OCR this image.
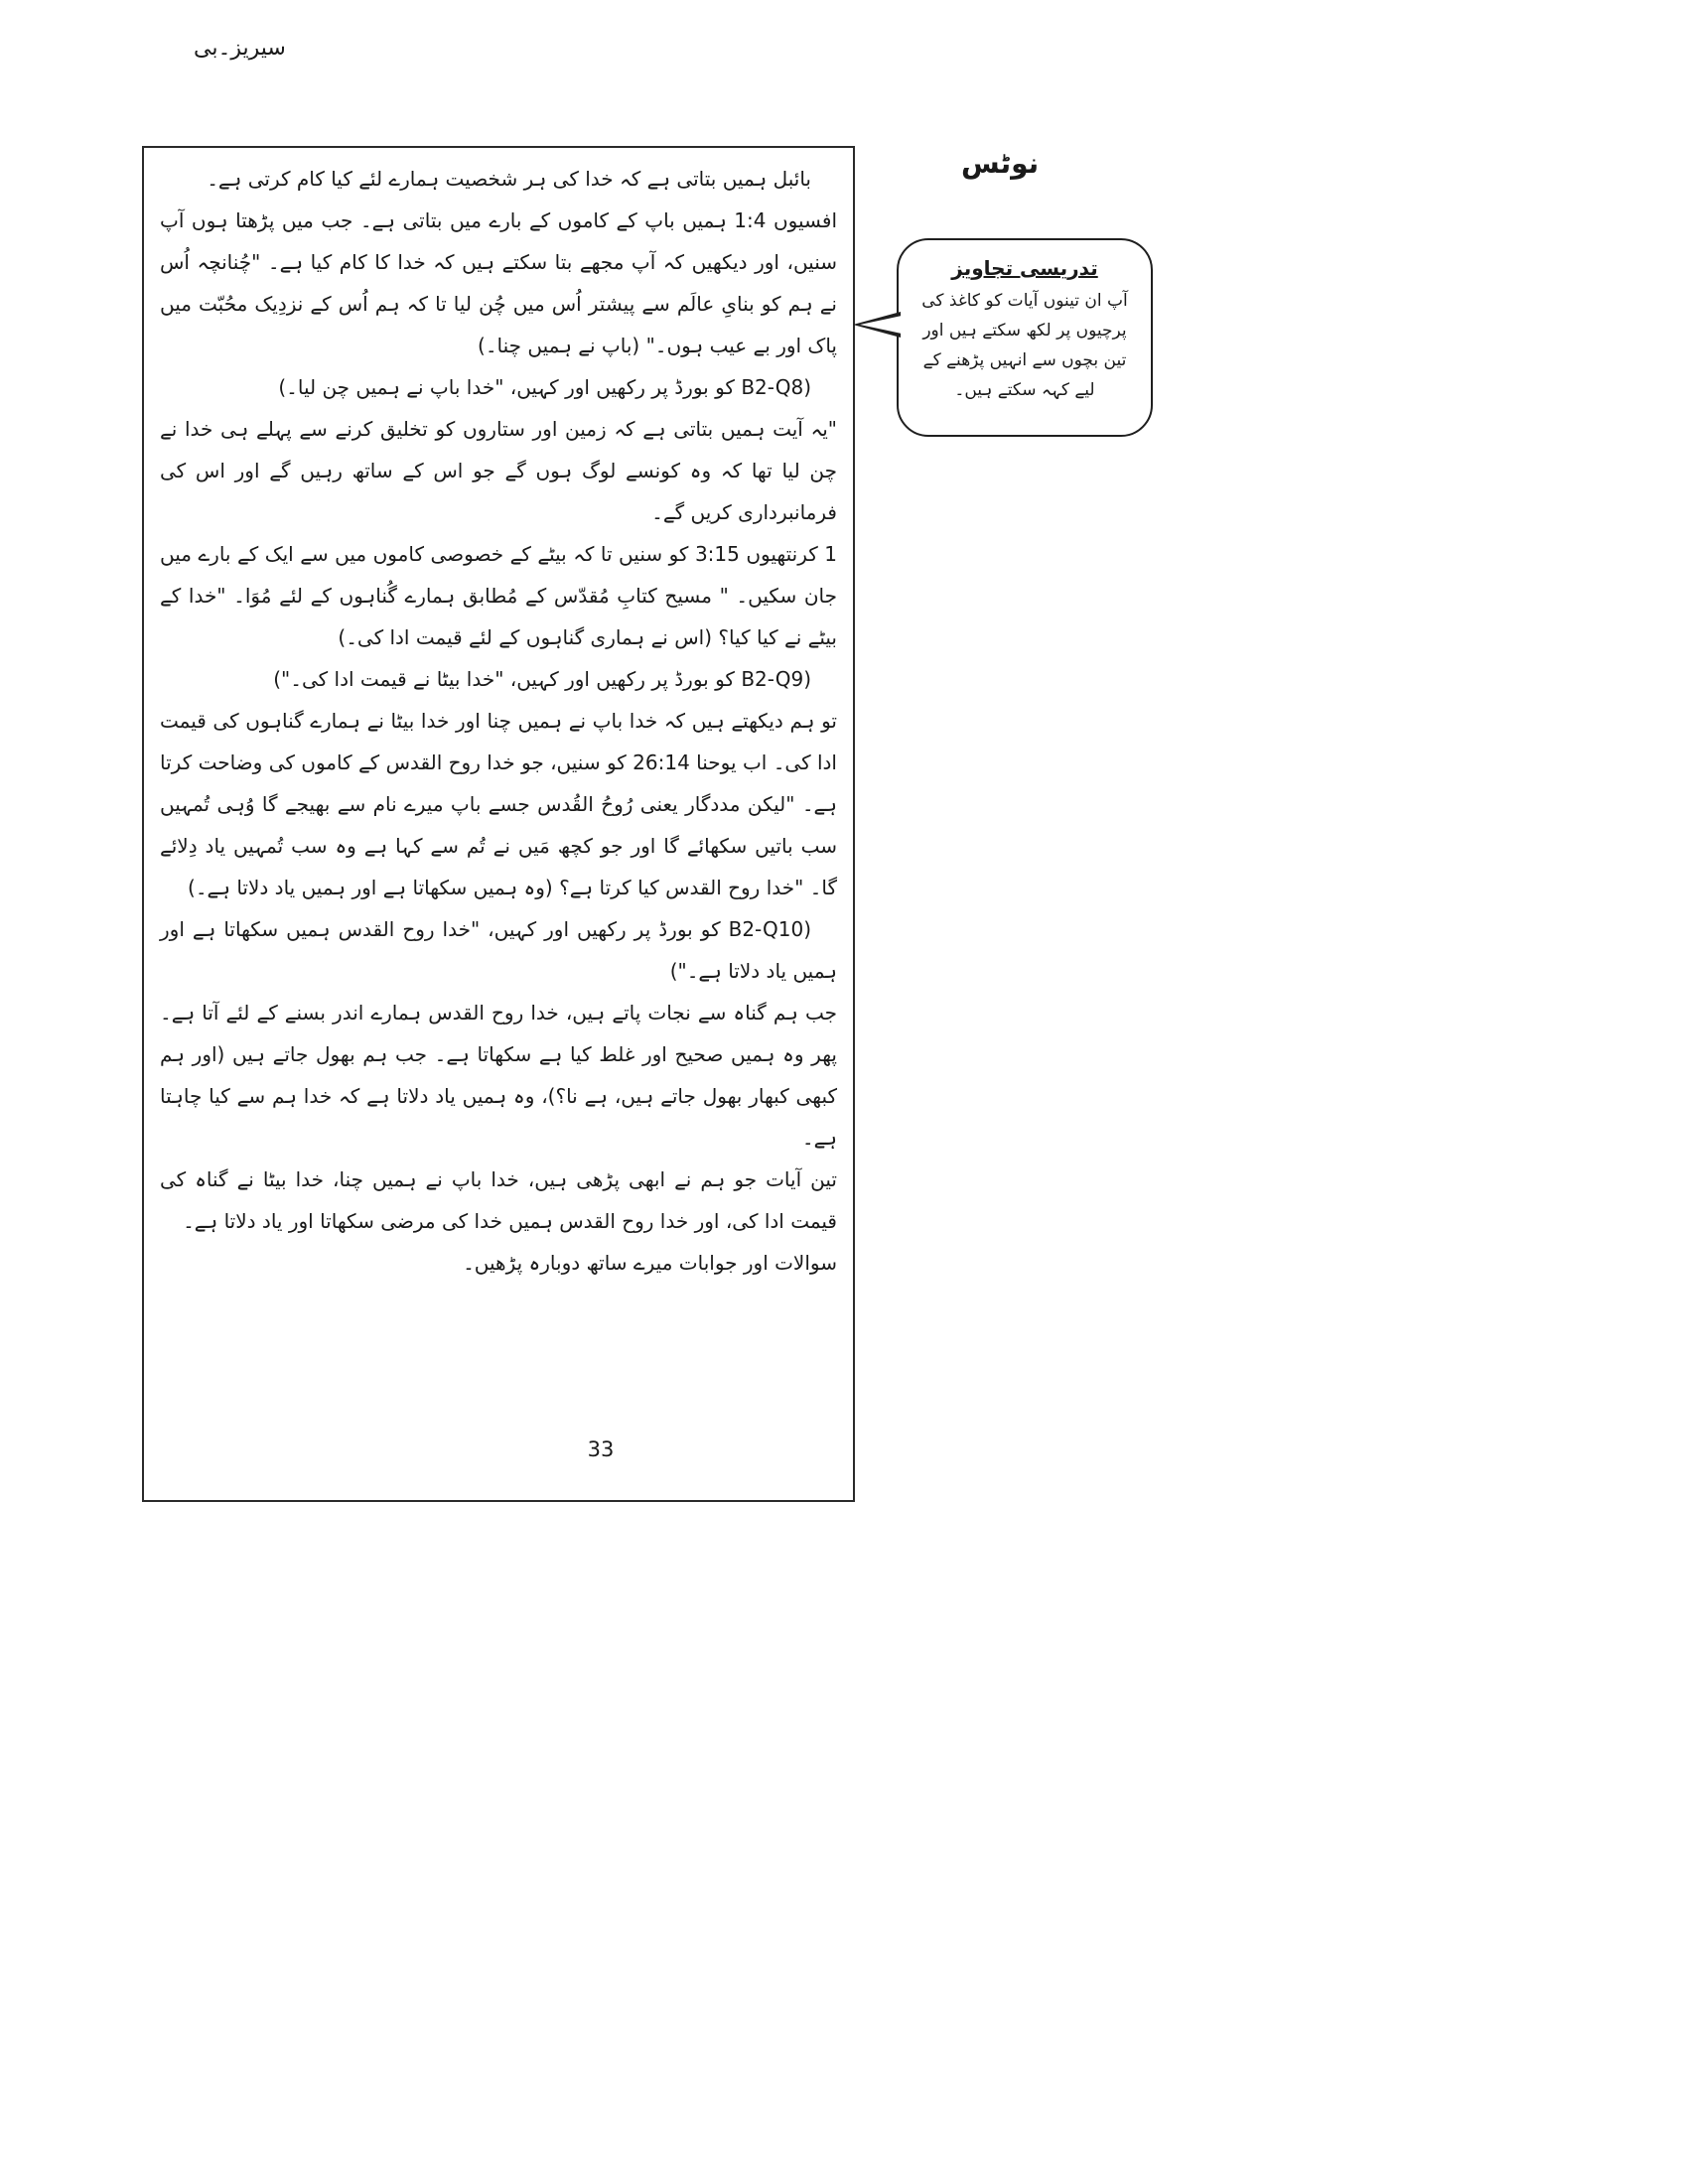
سیریز۔بی

بائبل ہمیں بتاتی ہے کہ خدا کی ہر شخصیت ہمارے لئے کیا کام کرتی ہے۔

افسیوں 1:4 ہمیں باپ کے کاموں کے بارے میں بتاتی ہے۔ جب میں پڑھتا ہوں آپ سنیں، اور دیکھیں کہ آپ مجھے بتا سکتے ہیں کہ خدا کا کام کیا ہے۔ "چُنانچہ اُس نے ہم کو بنایِ عالَم سے پیشتر اُس میں چُن لیا تا کہ ہم اُس کے نزدِیک محُبّت میں پاک اور بے عیب ہوں۔" (باپ نے ہمیں چنا۔)

(B2-Q8 کو بورڈ پر رکھیں اور کہیں، "خدا باپ نے ہمیں چن لیا۔)

"یہ آیت ہمیں بتاتی ہے کہ زمین اور ستاروں کو تخلیق کرنے سے پہلے ہی خدا نے چن لیا تھا کہ وہ کونسے لوگ ہوں گے جو اس کے ساتھ رہیں گے اور اس کی فرمانبرداری کریں گے۔

1 کرنتھیوں 3:15 کو سنیں تا کہ بیٹے کے خصوصی کاموں میں سے ایک کے بارے میں جان سکیں۔ " مسیح کتابِ مُقدّس کے مُطابق ہمارے گُناہوں کے لئے مُوَا۔ "خدا کے بیٹے نے کیا کیا؟ (اس نے ہماری گناہوں کے لئے قیمت ادا کی۔)

(B2-Q9 کو بورڈ پر رکھیں اور کہیں، "خدا بیٹا نے قیمت ادا کی۔")

تو ہم دیکھتے ہیں کہ خدا باپ نے ہمیں چنا اور خدا بیٹا نے ہمارے گناہوں کی قیمت ادا کی۔ اب یوحنا 26:14 کو سنیں، جو خدا روح القدس کے کاموں کی وضاحت کرتا ہے۔ "لیکن مددگار یعنی رُوحُ القُدس جسے باپ میرے نام سے بھیجے گا وُہی تُمہیں سب باتیں سکھائے گا اور جو کچھ مَیں نے تُم سے کہا ہے وہ سب تُمہیں یاد دِلائے گا۔ "خدا روح القدس کیا کرتا ہے؟ (وہ ہمیں سکھاتا ہے اور ہمیں یاد دلاتا ہے۔)

(B2-Q10 کو بورڈ پر رکھیں اور کہیں، "خدا روح القدس ہمیں سکھاتا ہے اور ہمیں یاد دلاتا ہے۔")

جب ہم گناہ سے نجات پاتے ہیں، خدا روح القدس ہمارے اندر بسنے کے لئے آتا ہے۔ پھر وہ ہمیں صحیح اور غلط کیا ہے سکھاتا ہے۔ جب ہم بھول جاتے ہیں (اور ہم کبھی کبھار بھول جاتے ہیں، ہے نا؟)، وہ ہمیں یاد دلاتا ہے کہ خدا ہم سے کیا چاہتا ہے۔

تین آیات جو ہم نے ابھی پڑھی ہیں، خدا باپ نے ہمیں چنا، خدا بیٹا نے گناہ کی قیمت ادا کی، اور خدا روح القدس ہمیں خدا کی مرضی سکھاتا اور یاد دلاتا ہے۔

سوالات اور جوابات میرے ساتھ دوبارہ پڑھیں۔

33
نوٹس
تدریسی تجاویز
آپ ان تینوں آیات کو کاغذ کی پرچیوں پر لکھ سکتے ہیں اور تین بچوں سے انہیں پڑھنے کے لیے کہہ سکتے ہیں۔
